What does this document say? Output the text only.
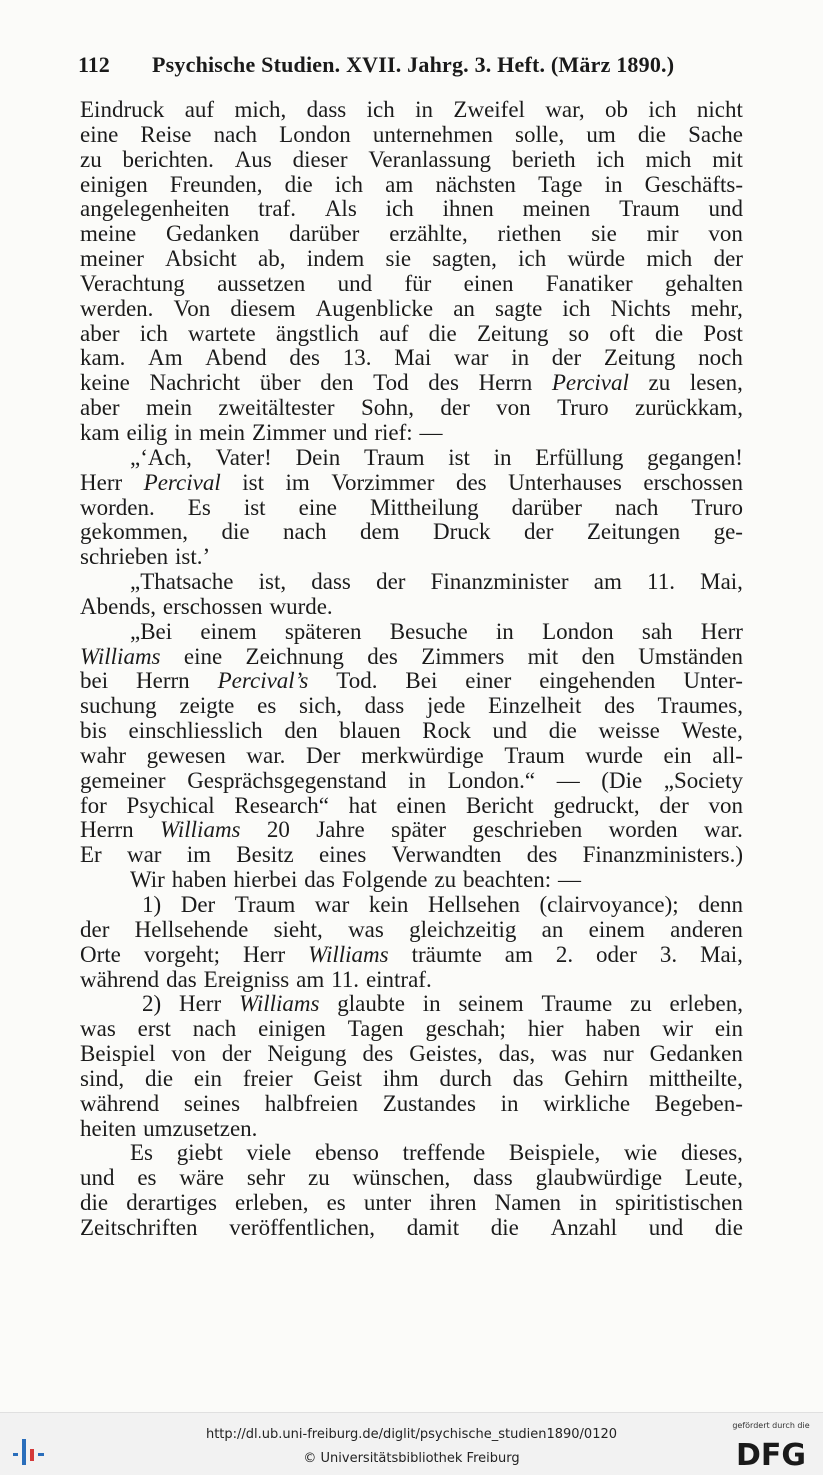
112 Psychische Studien. XVII. Jahrg. 3. Heft. (März 1890.)
Eindruck auf mich, dass ich in Zweifel war, ob ich nicht
eine Reise nach London unternehmen solle, um die Sache
zu berichten. Aus dieser Veranlassung berieth ich mich mit
einigen Freunden, die ich am nächsten Tage in Geschäfts-
angelegenheiten traf. Als ich ihnen meinen Traum und
meine Gedanken darüber erzählte, riethen sie mir von
meiner Absicht ab, indem sie sagten, ich würde mich der
Verachtung aussetzen und für einen Fanatiker gehalten
werden. Von diesem Augenblicke an sagte ich Nichts mehr,
aber ich wartete ängstlich auf die Zeitung so oft die Post
kam. Am Abend des 13. Mai war in der Zeitung noch
keine Nachricht über den Tod des Herrn Percival zu lesen,
aber mein zweitältester Sohn, der von Truro zurückkam,
kam eilig in mein Zimmer und rief: —
„‘Ach, Vater! Dein Traum ist in Erfüllung gegangen!
Herr Percival ist im Vorzimmer des Unterhauses erschossen
worden. Es ist eine Mittheilung darüber nach Truro
gekommen, die nach dem Druck der Zeitungen ge-
schrieben ist.’
„Thatsache ist, dass der Finanzminister am 11. Mai,
Abends, erschossen wurde.
„Bei einem späteren Besuche in London sah Herr
Williams eine Zeichnung des Zimmers mit den Umständen
bei Herrn Percival’s Tod. Bei einer eingehenden Unter-
suchung zeigte es sich, dass jede Einzelheit des Traumes,
bis einschliesslich den blauen Rock und die weisse Weste,
wahr gewesen war. Der merkwürdige Traum wurde ein all-
gemeiner Gesprächsgegenstand in London.“ — (Die „Society
for Psychical Research“ hat einen Bericht gedruckt, der von
Herrn Williams 20 Jahre später geschrieben worden war.
Er war im Besitz eines Verwandten des Finanzministers.)
Wir haben hierbei das Folgende zu beachten: —
1) Der Traum war kein Hellsehen (clairvoyance); denn
der Hellsehende sieht, was gleichzeitig an einem anderen
Orte vorgeht; Herr Williams träumte am 2. oder 3. Mai,
während das Ereigniss am 11. eintraf.
2) Herr Williams glaubte in seinem Traume zu erleben,
was erst nach einigen Tagen geschah; hier haben wir ein
Beispiel von der Neigung des Geistes, das, was nur Gedanken
sind, die ein freier Geist ihm durch das Gehirn mittheilte,
während seines halbfreien Zustandes in wirkliche Begeben-
heiten umzusetzen.
Es giebt viele ebenso treffende Beispiele, wie dieses,
und es wäre sehr zu wünschen, dass glaubwürdige Leute,
die derartiges erleben, es unter ihren Namen in spiritistischen
Zeitschriften veröffentlichen, damit die Anzahl und die
http://dl.ub.uni-freiburg.de/diglit/psychische_studien1890/0120
© Universitätsbibliothek Freiburg
gefördert durch die
DFG
